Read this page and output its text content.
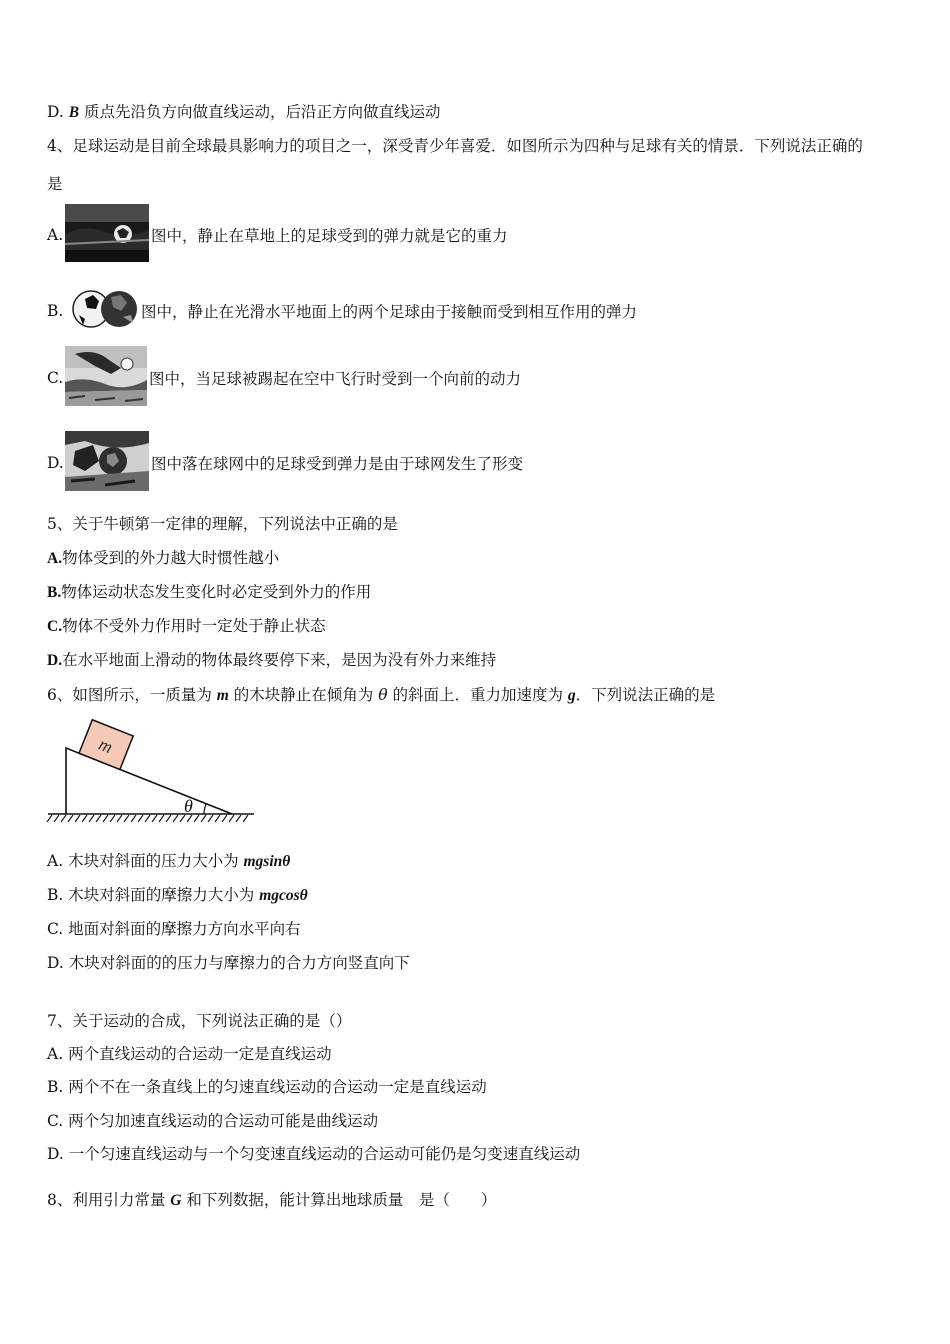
D. B 质点先沿负方向做直线运动，后沿正方向做直线运动
4、足球运动是目前全球最具影响力的项目之一，深受青少年喜爱．如图所示为四种与足球有关的情景．下列说法正确的
是
A.	图中，静止在草地上的足球受到的弹力就是它的重力
B.	图中，静止在光滑水平地面上的两个足球由于接触而受到相互作用的弹力
C.	图中，当足球被踢起在空中飞行时受到一个向前的动力
D.	图中落在球网中的足球受到弹力是由于球网发生了形变
5、关于牛顿第一定律的理解，下列说法中正确的是
A.物体受到的外力越大时惯性越小
B.物体运动状态发生变化时必定受到外力的作用
C.物体不受外力作用时一定处于静止状态
D.在水平地面上滑动的物体最终要停下来，是因为没有外力来维持
6、如图所示，一质量为 m 的木块静止在倾角为 θ 的斜面上．重力加速度为 g．下列说法正确的是
m
θ
A. 木块对斜面的压力大小为 mgsinθ
B. 木块对斜面的摩擦力大小为 mgcosθ
C. 地面对斜面的摩擦力方向水平向右
D. 木块对斜面的的压力与摩擦力的合力方向竖直向下
7、关于运动的合成，下列说法正确的是（）
A. 两个直线运动的合运动一定是直线运动
B. 两个不在一条直线上的匀速直线运动的合运动一定是直线运动
C. 两个匀加速直线运动的合运动可能是曲线运动
D. 一个匀速直线运动与一个匀变速直线运动的合运动可能仍是匀变速直线运动
8、利用引力常量 G 和下列数据，能计算出地球质量　是（　　）
